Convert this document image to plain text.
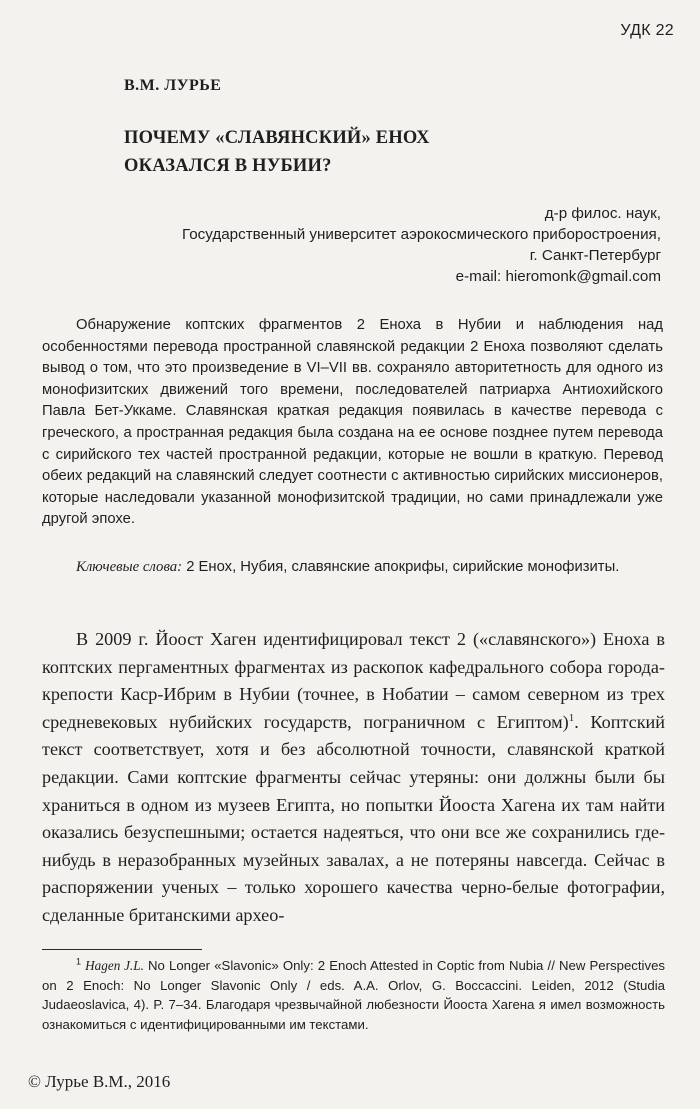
УДК 22
В.М. ЛУРЬЕ
ПОЧЕМУ «СЛАВЯНСКИЙ» ЕНОХ
ОКАЗАЛСЯ В НУБИИ?
д-р филос. наук,
Государственный университет аэрокосмического приборостроения,
г. Санкт-Петербург
e-mail: hieromonk@gmail.com

Обнаружение коптских фрагментов 2 Еноха в Нубии и наблюдения над особенностями перевода пространной славянской редакции 2 Еноха позволяют сделать вывод о том, что это произведение в VI–VII вв. сохраняло авторитетность для одного из монофизитских движений того времени, последователей патриарха Антиохийского Павла Бет-Уккаме. Славянская краткая редакция появилась в качестве перевода с греческого, а пространная редакция была создана на ее основе позднее путем перевода с сирийского тех частей пространной редакции, которые не вошли в краткую. Перевод обеих редакций на славянский следует соотнести с активностью сирийских миссионеров, которые наследовали указанной монофизитской традиции, но сами принадлежали уже другой эпохе.

Ключевые слова: 2 Енох, Нубия, славянские апокрифы, сирийские монофизиты.

В 2009 г. Йоост Хаген идентифицировал текст 2 («славянского») Еноха в коптских пергаментных фрагментах из раскопок кафедрального собора города-крепости Каср-Ибрим в Нубии (точнее, в Нобатии – самом северном из трех средневековых нубийских государств, пограничном с Египтом)$^1$. Коптский текст соответствует, хотя и без абсолютной точности, славянской краткой редакции. Сами коптские фрагменты сейчас утеряны: они должны были бы храниться в одном из музеев Египта, но попытки Йооста Хагена их там найти оказались безуспешными; остается надеяться, что они все же сохранились где-нибудь в неразобранных музейных завалах, а не потеряны навсегда. Сейчас в распоряжении ученых – только хорошего качества черно-белые фотографии, сделанные британскими архео-

$^1$ Hagen J.L. No Longer «Slavonic» Only: 2 Enoch Attested in Coptic from Nubia // New Perspectives on 2 Enoch: No Longer Slavonic Only / eds. A.A. Orlov, G. Boccaccini. Leiden, 2012 (Studia Judaeoslavica, 4). P. 7–34. Благодаря чрезвычайной любезности Йооста Хагена я имел возможность ознакомиться с идентифицированными им текстами.

© Лурье В.М., 2016
